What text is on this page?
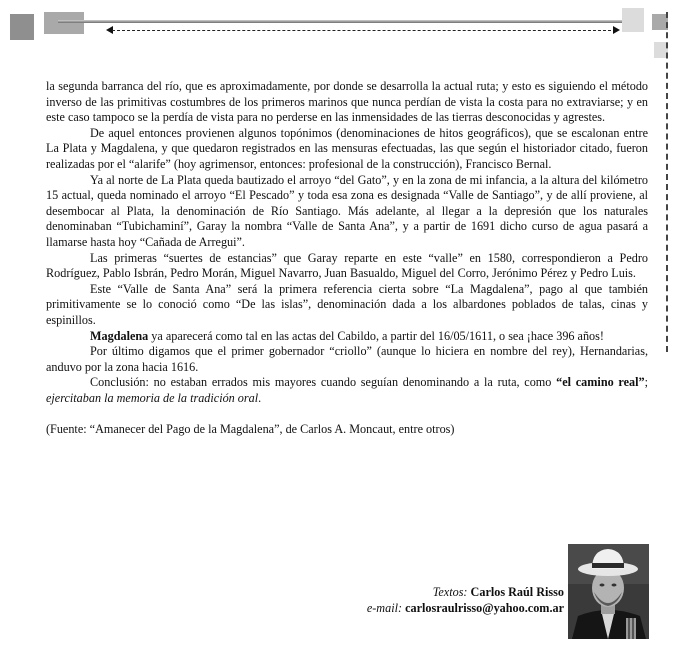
la segunda barranca del río, que es aproximadamente, por donde se desarrolla la actual ruta; y esto es siguiendo el método inverso de las primitivas costumbres de los primeros marinos que nunca perdían de vista la costa para no extraviarse; y en este caso tampoco se la perdía de vista para no perderse en las inmensidades de las tierras desconocidas y agrestes.

De aquel entonces provienen algunos topónimos (denominaciones de hitos geográficos), que se escalonan entre La Plata y Magdalena, y que quedaron registrados en las mensuras efectuadas, las que según el historiador citado, fueron realizadas por el “alarife” (hoy agrimensor, entonces: profesional de la construcción), Francisco Bernal.

Ya al norte de La Plata queda bautizado el arroyo “del Gato”, y en la zona de mi infancia, a la altura del kilómetro 15 actual, queda nominado el arroyo “El Pescado” y toda esa zona es designada “Valle de Santiago”, y de allí proviene, al desembocar al Plata, la denominación de Río Santiago. Más adelante, al llegar a la depresión que los naturales denominaban “Tubichaminí”, Garay la nombra “Valle de Santa Ana”, y a partir de 1691 dicho curso de agua pasará a llamarse hasta hoy “Cañada de Arregui”.

Las primeras “suertes de estancias” que Garay reparte en este “valle” en 1580, correspondieron a Pedro Rodríguez, Pablo Isbrán, Pedro Morán, Miguel Navarro, Juan Basualdo, Miguel del Corro, Jerónimo Pérez y Pedro Luis.

Este “Valle de Santa Ana” será la primera referencia cierta sobre “La Magdalena”, pago al que también primitivamente se lo conoció como “De las islas”, denominación dada a los albardones poblados de talas, cinas y espinillos.

Magdalena ya aparecerá como tal en las actas del Cabildo, a partir del 16/05/1611, o sea ¡hace 396 años!

Por último digamos que el primer gobernador “criollo” (aunque lo hiciera en nombre del rey), Hernandarias, anduvo por la zona hacia 1616.

Conclusión: no estaban errados mis mayores cuando seguían denominando a la ruta, como “el camino real”; ejercitaban la memoria de la tradición oral.

(Fuente: “Amanecer del Pago de la Magdalena”, de Carlos A. Moncaut, entre otros)

Textos: Carlos Raúl Risso
e-mail: carlosraulrisso@yahoo.com.ar
